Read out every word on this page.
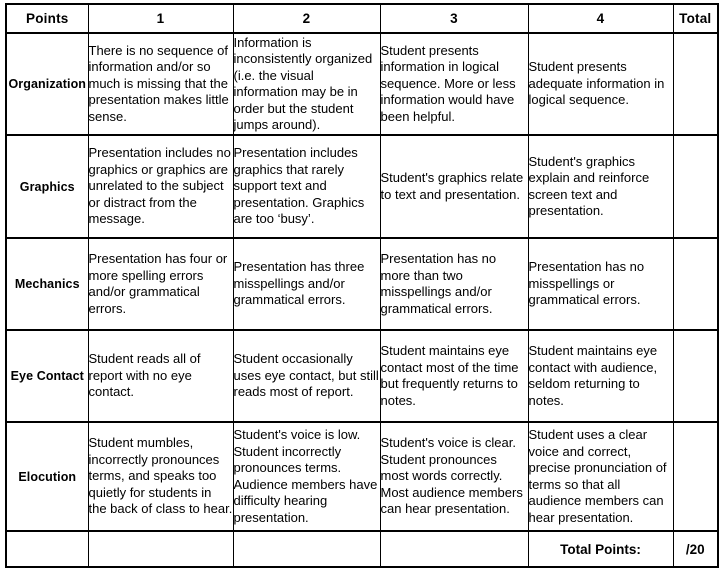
Points	1	2	3	4	Total
Organization	There is no sequence of information and/or so much is missing that the presentation makes little sense.	Information is inconsistently organized (i.e. the visual information may be in order but the student jumps around).	Student presents information in logical sequence. More or less information would have been helpful.	Student presents adequate information in logical sequence.	
Graphics	Presentation includes no graphics or graphics are unrelated to the subject or distract from the message.	Presentation includes graphics that rarely support text and presentation. Graphics are too ‘busy’.	Student's graphics relate to text and presentation.	Student's graphics explain and reinforce screen text and presentation.	
Mechanics	Presentation has four or more spelling errors and/or grammatical errors.	Presentation has three misspellings and/or grammatical errors.	Presentation has no more than two misspellings and/or grammatical errors.	Presentation has no misspellings or grammatical errors.	
Eye Contact	Student reads all of report with no eye contact.	Student occasionally uses eye contact, but still reads most of report.	Student maintains eye contact most of the time but frequently returns to notes.	Student maintains eye contact with audience, seldom returning to notes.	
Elocution	Student mumbles, incorrectly pronounces terms, and speaks too quietly for students in the back of class to hear.	Student's voice is low. Student incorrectly pronounces terms. Audience members have difficulty hearing presentation.	Student's voice is clear. Student pronounces most words correctly. Most audience members can hear presentation.	Student uses a clear voice and correct, precise pronunciation of terms so that all audience members can hear presentation.	
				Total Points:	/20
